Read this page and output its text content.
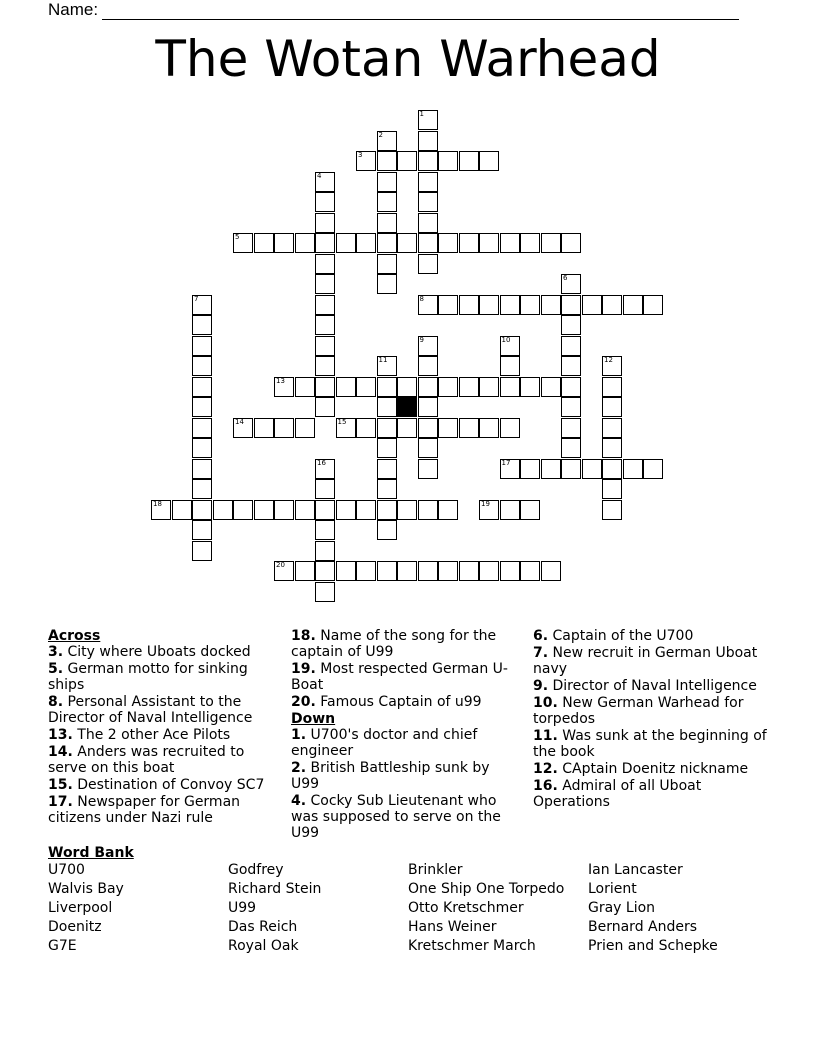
Name:
The Wotan Warhead
1
2
3
4
5
6
7	8
9	10
11	12
13
14	15
16	17
18	19
20
Across
3. City where Uboats docked
5. German motto for sinking ships
8. Personal Assistant to the Director of Naval Intelligence
13. The 2 other Ace Pilots
14. Anders was recruited to serve on this boat
15. Destination of Convoy SC7
17. Newspaper for German citizens under Nazi rule
18. Name of the song for the captain of U99
19. Most respected German U-Boat
20. Famous Captain of u99
Down
1. U700's doctor and chief engineer
2. British Battleship sunk by U99
4. Cocky Sub Lieutenant who was supposed to serve on the U99
6. Captain of the U700
7. New recruit in German Uboat navy
9. Director of Naval Intelligence
10. New German Warhead for torpedos
11. Was sunk at the beginning of the book
12. CAptain Doenitz nickname
16. Admiral of all Uboat Operations
Word Bank
U700
Walvis Bay
Liverpool
Doenitz
G7E
Godfrey
Richard Stein
U99
Das Reich
Royal Oak
Brinkler
One Ship One Torpedo
Otto Kretschmer
Hans Weiner
Kretschmer March
Ian Lancaster
Lorient
Gray Lion
Bernard Anders
Prien and Schepke
